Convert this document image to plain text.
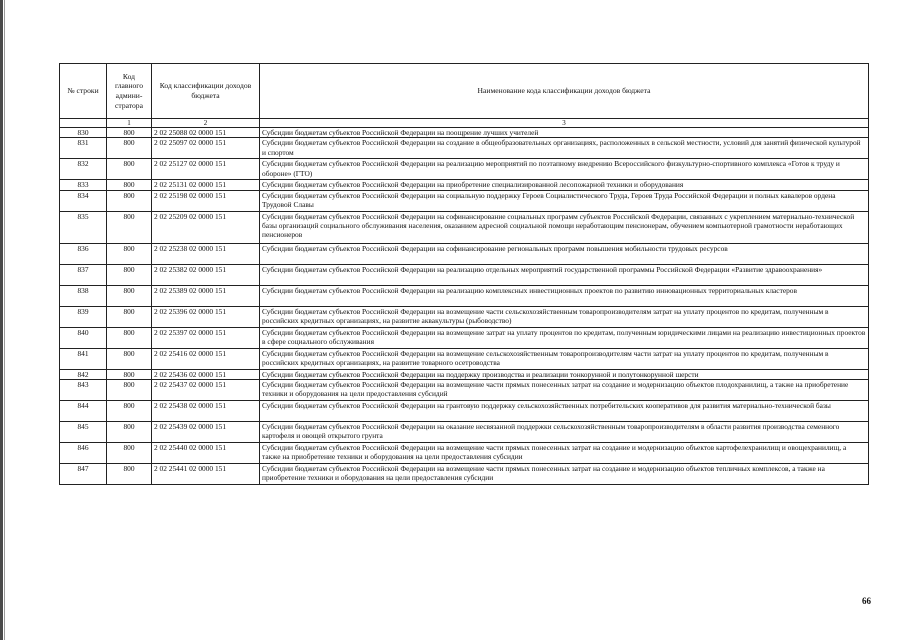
№ строки	Код главного админи-стратора	Код классификации доходов бюджета	Наименование кода классификации доходов бюджета
	1	2	3
830	800	2 02 25088 02 0000 151	Субсидии бюджетам субъектов Российской Федерации на поощрение лучших учителей
831	800	2 02 25097 02 0000 151	Субсидии бюджетам субъектов Российской Федерации на создание в общеобразовательных организациях, расположенных в сельской местности, условий для занятий физической культурой и спортом
832	800	2 02 25127 02 0000 151	Субсидии бюджетам субъектов Российской Федерации на реализацию мероприятий по поэтапному внедрению Всероссийского физкультурно-спортивного комплекса «Готов к труду и обороне» (ГТО)
833	800	2 02 25131 02 0000 151	Субсидии бюджетам субъектов Российской Федерации на приобретение специализированной лесопожарной техники и оборудования
834	800	2 02 25198 02 0000 151	Субсидии бюджетам субъектов Российской Федерации на социальную поддержку Героев Социалистического Труда, Героев Труда Российской Федерации и полных кавалеров ордена Трудовой Славы
835	800	2 02 25209 02 0000 151	Субсидии бюджетам субъектов Российской Федерации на софинансирование социальных программ субъектов Российской Федерации, связанных с укреплением материально-технической базы организаций социального обслуживания населения, оказанием адресной социальной помощи неработающим пенсионерам, обучением компьютерной грамотности неработающих пенсионеров
836	800	2 02 25238 02 0000 151	Субсидии бюджетам субъектов Российской Федерации на софинансирование региональных программ повышения мобильности трудовых ресурсов
837	800	2 02 25382 02 0000 151	Субсидии бюджетам субъектов Российской Федерации на реализацию отдельных мероприятий государственной программы Российской Федерации «Развитие здравоохранения»
838	800	2 02 25389 02 0000 151	Субсидии бюджетам субъектов Российской Федерации на реализацию комплексных инвестиционных проектов по развитию инновационных территориальных кластеров
839	800	2 02 25396 02 0000 151	Субсидии бюджетам субъектов Российской Федерации на возмещение части сельскохозяйственным товаропроизводителям затрат на уплату процентов по кредитам, полученным в российских кредитных организациях, на развитие аквакультуры (рыбоводство)
840	800	2 02 25397 02 0000 151	Субсидии бюджетам субъектов Российской Федерации на возмещение затрат на уплату процентов по кредитам, полученным юридическими лицами на реализацию инвестиционных проектов в сфере социального обслуживания
841	800	2 02 25416 02 0000 151	Субсидии бюджетам субъектов Российской Федерации на возмещение сельскохозяйственным товаропроизводителям части затрат на уплату процентов по кредитам, полученным в российских кредитных организациях, на развитие товарного осетроводства
842	800	2 02 25436 02 0000 151	Субсидии бюджетам субъектов Российской Федерации на поддержку производства и реализации тонкорунной и полутонкорунной шерсти
843	800	2 02 25437 02 0000 151	Субсидии бюджетам субъектов Российской Федерации на возмещение части прямых понесенных затрат на создание и модернизацию объектов плодохранилищ, а также на приобретение техники и оборудования на цели предоставления субсидий
844	800	2 02 25438 02 0000 151	Субсидии бюджетам субъектов Российской Федерации на грантовую поддержку сельскохозяйственных потребительских кооперативов для развития материально-технической базы
845	800	2 02 25439 02 0000 151	Субсидии бюджетам субъектов Российской Федерации на оказание несвязанной поддержки сельскохозяйственным товаропроизводителям в области развития производства семенного картофеля и овощей открытого грунта
846	800	2 02 25440 02 0000 151	Субсидии бюджетам субъектов Российской Федерации на возмещение части прямых понесенных затрат на создание и модернизацию объектов картофелехранилищ и овощехранилищ, а также на приобретение техники и оборудования на цели предоставления субсидии
847	800	2 02 25441 02 0000 151	Субсидии бюджетам субъектов Российской Федерации на возмещение части прямых понесенных затрат на создание и модернизацию объектов тепличных комплексов, а также на приобретение техники и оборудования на цели предоставления субсидии
66
